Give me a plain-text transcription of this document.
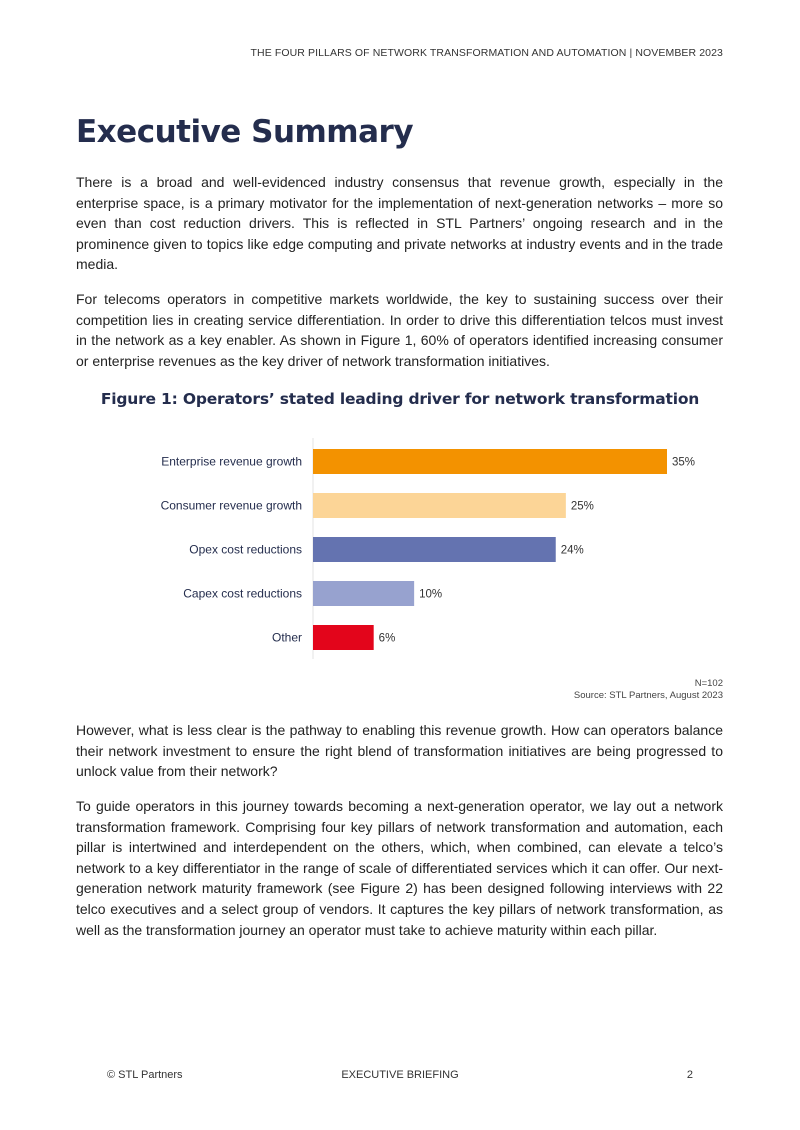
THE FOUR PILLARS OF NETWORK TRANSFORMATION AND AUTOMATION | NOVEMBER 2023
Executive Summary

There is a broad and well-evidenced industry consensus that revenue growth, especially in the enterprise space, is a primary motivator for the implementation of next-generation networks – more so even than cost reduction drivers. This is reflected in STL Partners’ ongoing research and in the prominence given to topics like edge computing and private networks at industry events and in the trade media.

For telecoms operators in competitive markets worldwide, the key to sustaining success over their competition lies in creating service differentiation. In order to drive this differentiation telcos must invest in the network as a key enabler. As shown in Figure 1, 60% of operators identified increasing consumer or enterprise revenues as the key driver of network transformation initiatives.

Figure 1: Operators’ stated leading driver for network transformation
Enterprise revenue growth	35%
Consumer revenue growth	25%
Opex cost reductions	24%
Capex cost reductions	10%
Other	6%
N=102
Source: STL Partners, August 2023

However, what is less clear is the pathway to enabling this revenue growth. How can operators balance their network investment to ensure the right blend of transformation initiatives are being progressed to unlock value from their network?

To guide operators in this journey towards becoming a next-generation operator, we lay out a network transformation framework. Comprising four key pillars of network transformation and automation, each pillar is intertwined and interdependent on the others, which, when combined, can elevate a telco’s network to a key differentiator in the range of scale of differentiated services which it can offer. Our next-generation network maturity framework (see Figure 2) has been designed following interviews with 22 telco executives and a select group of vendors. It captures the key pillars of network transformation, as well as the transformation journey an operator must take to achieve maturity within each pillar.

© STL Partners	EXECUTIVE BRIEFING	2
